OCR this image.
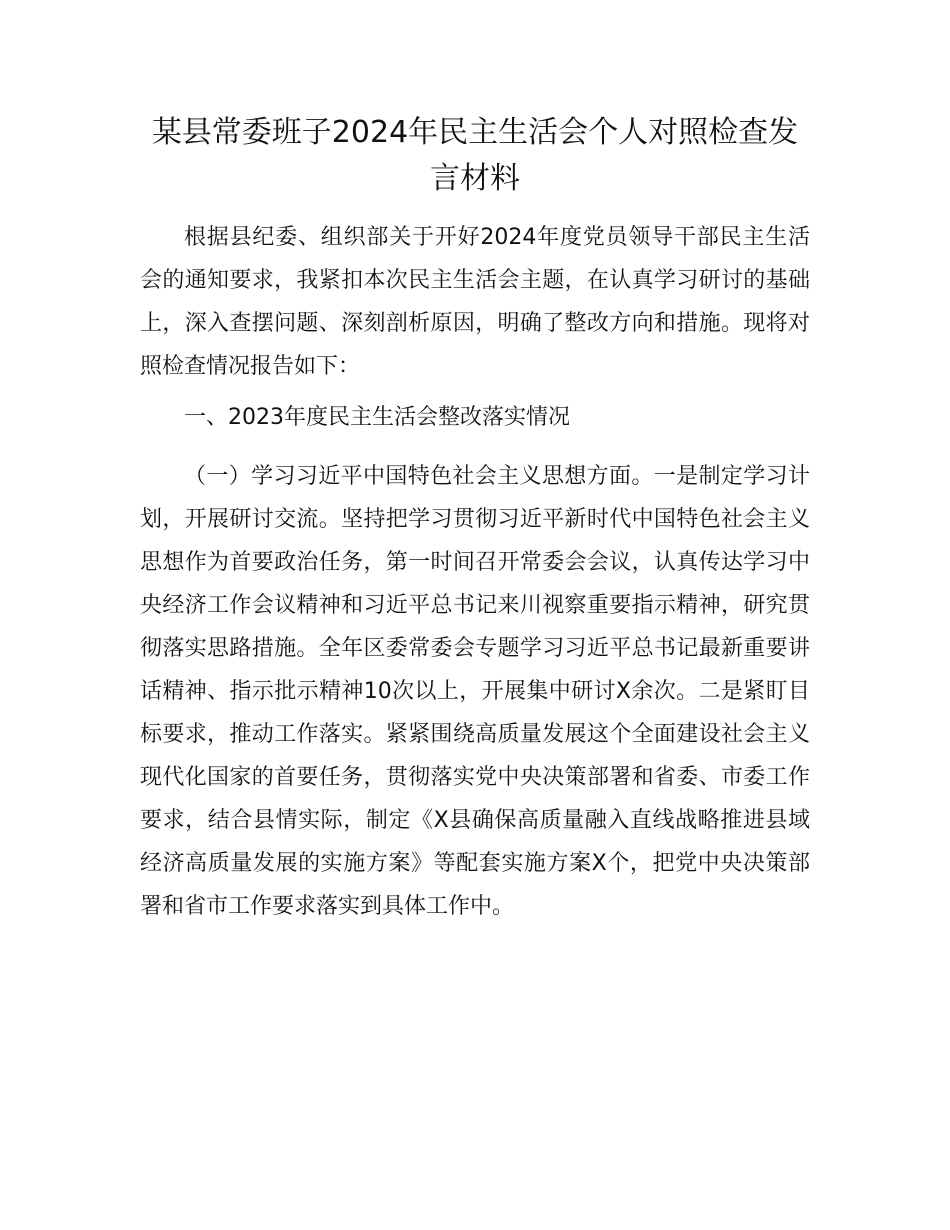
某县常委班子2024年民主生活会个人对照检查发言材料

根据县纪委、组织部关于开好2024年度党员领导干部民主生活会的通知要求，我紧扣本次民主生活会主题，在认真学习研讨的基础上，深入查摆问题、深刻剖析原因，明确了整改方向和措施。现将对照检查情况报告如下：

一、2023年度民主生活会整改落实情况

（一）学习习近平中国特色社会主义思想方面。一是制定学习计划，开展研讨交流。坚持把学习贯彻习近平新时代中国特色社会主义思想作为首要政治任务，第一时间召开常委会会议，认真传达学习中央经济工作会议精神和习近平总书记来川视察重要指示精神，研究贯彻落实思路措施。全年区委常委会专题学习习近平总书记最新重要讲话精神、指示批示精神10次以上，开展集中研讨X余次。二是紧盯目标要求，推动工作落实。紧紧围绕高质量发展这个全面建设社会主义现代化国家的首要任务，贯彻落实党中央决策部署和省委、市委工作要求，结合县情实际，制定《X县确保高质量融入直线战略推进县域经济高质量发展的实施方案》等配套实施方案X个，把党中央决策部署和省市工作要求落实到具体工作中。
